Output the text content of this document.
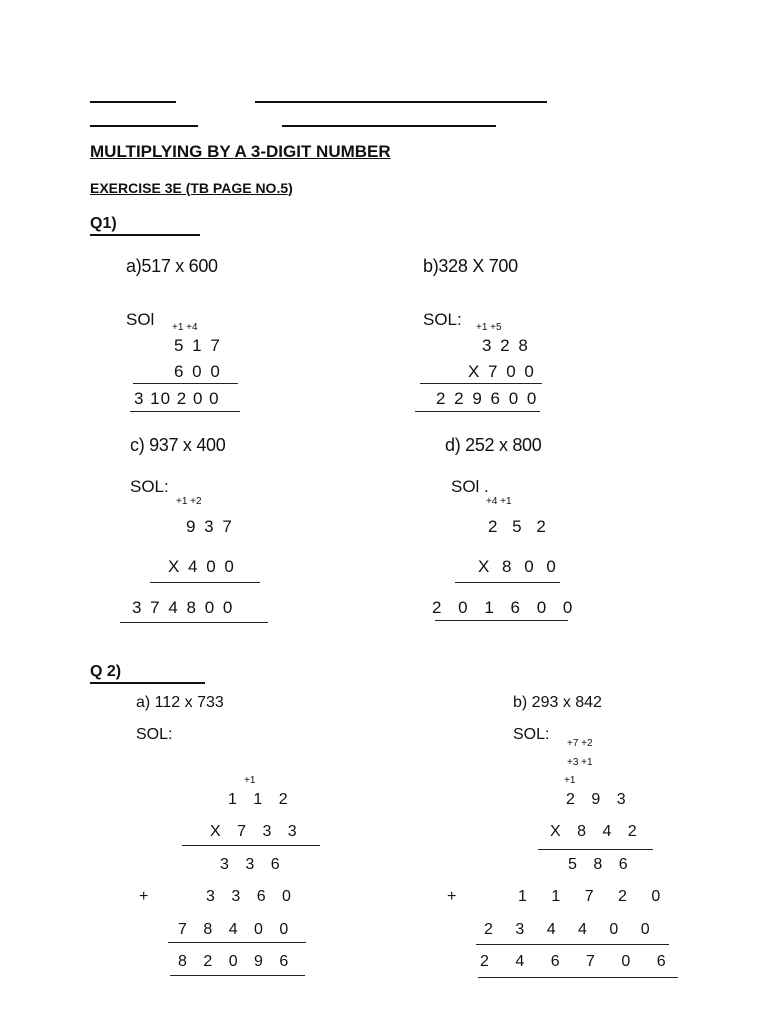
MULTIPLYING BY A 3-DIGIT NUMBER
EXERCISE 3E (TB PAGE NO.5)
Q1)
a)517 x 600
SOl +1 +4
5 1 7
6 0 0
3 10 2 0 0
b)328 X 700
SOL: +1 +5
3 2 8
X 7 0 0
2 2 9 6 0 0
c) 937 x 400
SOL:
+1 +2
9 3 7
X 4 0 0
3 7 4 8 0 0
d) 252 x 800
SOl .
+4 +1
2 5 2
X 8 0 0
2 0 1 6 0 0
Q 2)
a) 112 x 733
SOL:
+1
1 1 2
X 7 3 3
3 3 6
+	3 3 6 0
7 8 4 0 0
8 2 0 9 6
b) 293 x 842
SOL:
+7 +2
+3 +1
+1
2 9 3
X 8 4 2
5 8 6
+	1 1 7 2 0
2 3 4 4 0 0
2 4 6 7 0 6
